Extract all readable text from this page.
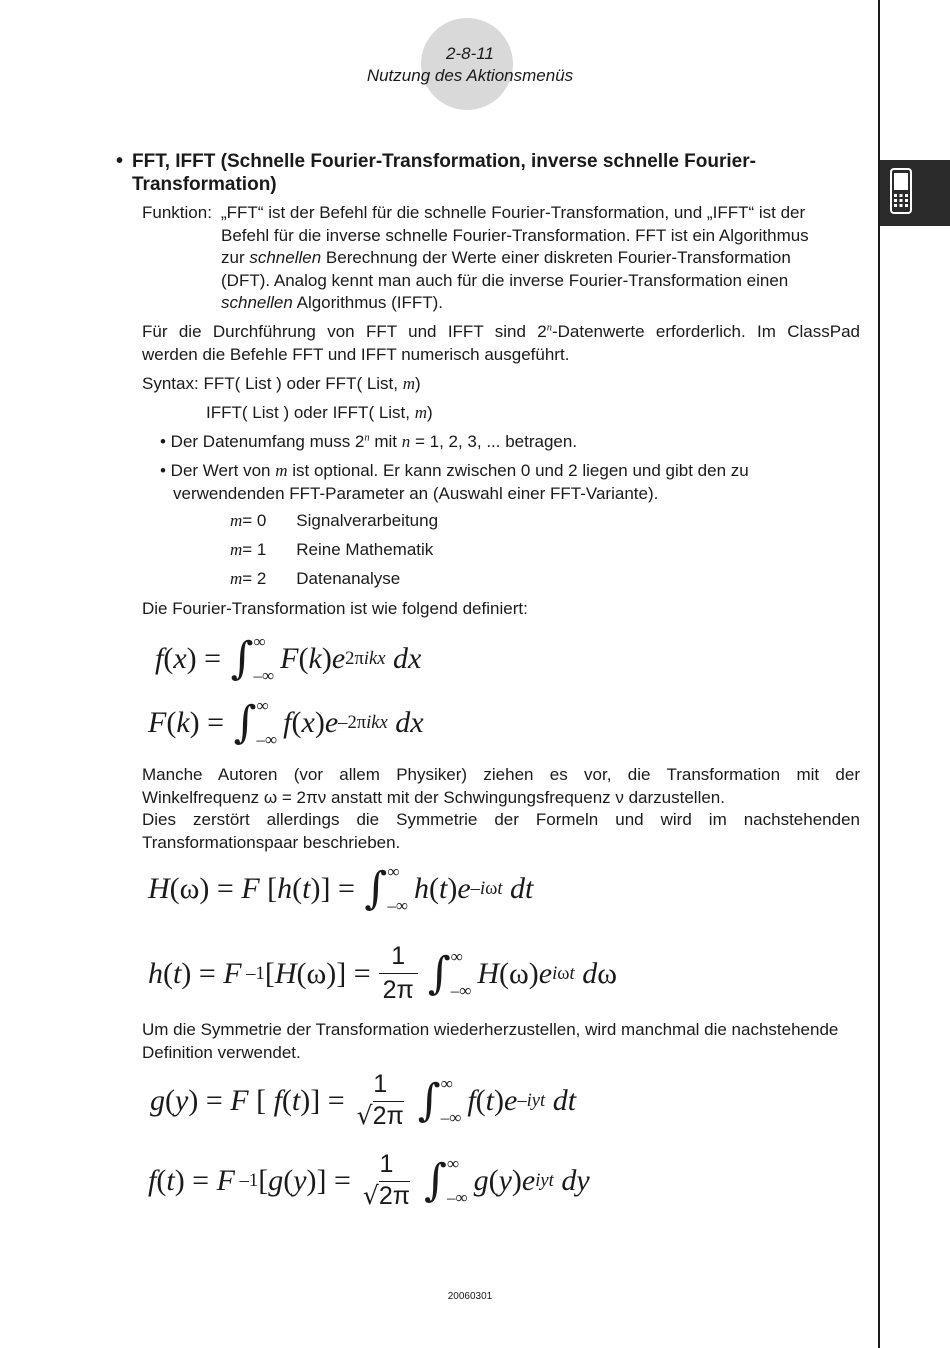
2-8-11
Nutzung des Aktionsmenüs
• FFT, IFFT (Schnelle Fourier-Transformation, inverse schnelle Fourier-Transformation)
Funktion: „FFT“ ist der Befehl für die schnelle Fourier-Transformation, und „IFFT“ ist der
Befehl für die inverse schnelle Fourier-Transformation. FFT ist ein Algorithmus
zur schnellen Berechnung der Werte einer diskreten Fourier-Transformation
(DFT). Analog kennt man auch für die inverse Fourier-Transformation einen
schnellen Algorithmus (IFFT).
Für die Durchführung von FFT und IFFT sind 2$^n$-Datenwerte erforderlich. Im ClassPad
werden die Befehle FFT und IFFT numerisch ausgeführt.
Syntax: FFT( List ) oder FFT( List, m)
IFFT( List ) oder IFFT( List, m)
• Der Datenumfang muss 2$^n$ mit n = 1, 2, 3, ... betragen.
• Der Wert von m ist optional. Er kann zwischen 0 und 2 liegen und gibt den zu
verwendenden FFT-Parameter an (Auswahl einer FFT-Variante).
m= 0 Signalverarbeitung
m= 1 Reine Mathematik
m= 2 Datenanalyse
Die Fourier-Transformation ist wie folgend definiert:
f ( x ) = ∫ ∞
–∞
F ( k ) e 2πikx
dx
F ( k ) = ∫ ∞
–∞
f ( x ) e –2πikx
dx
Manche Autoren (vor allem Physiker) ziehen es vor, die Transformation mit der
Winkelfrequenz ω = 2πν anstatt mit der Schwingungsfrequenz ν darzustellen.
Dies zerstört allerdings die Symmetrie der Formeln und wird im nachstehenden
Transformationspaar beschrieben.
H (ω) = F [ h ( t )] = ∫ ∞
–∞
h ( t ) e –iωt
dt
h ( t ) = F –1 [ H $(\omega)] = \frac{1}{2\pi}$ ∫ ∞
–∞
H (ω) e iωt
d ω
Um die Symmetrie der Transformation wiederherzustellen, wird manchmal die nachstehende
Definition verwendet.
g ( y ) = F [ f ( t )] = 1
√2π ∫ ∞
–∞
f ( t ) e –iyt
dt
f ( t ) = F –1 [ g ( y )] = 1
√2π ∫ ∞
–∞
g ( y ) e iyt
dy
20060301
